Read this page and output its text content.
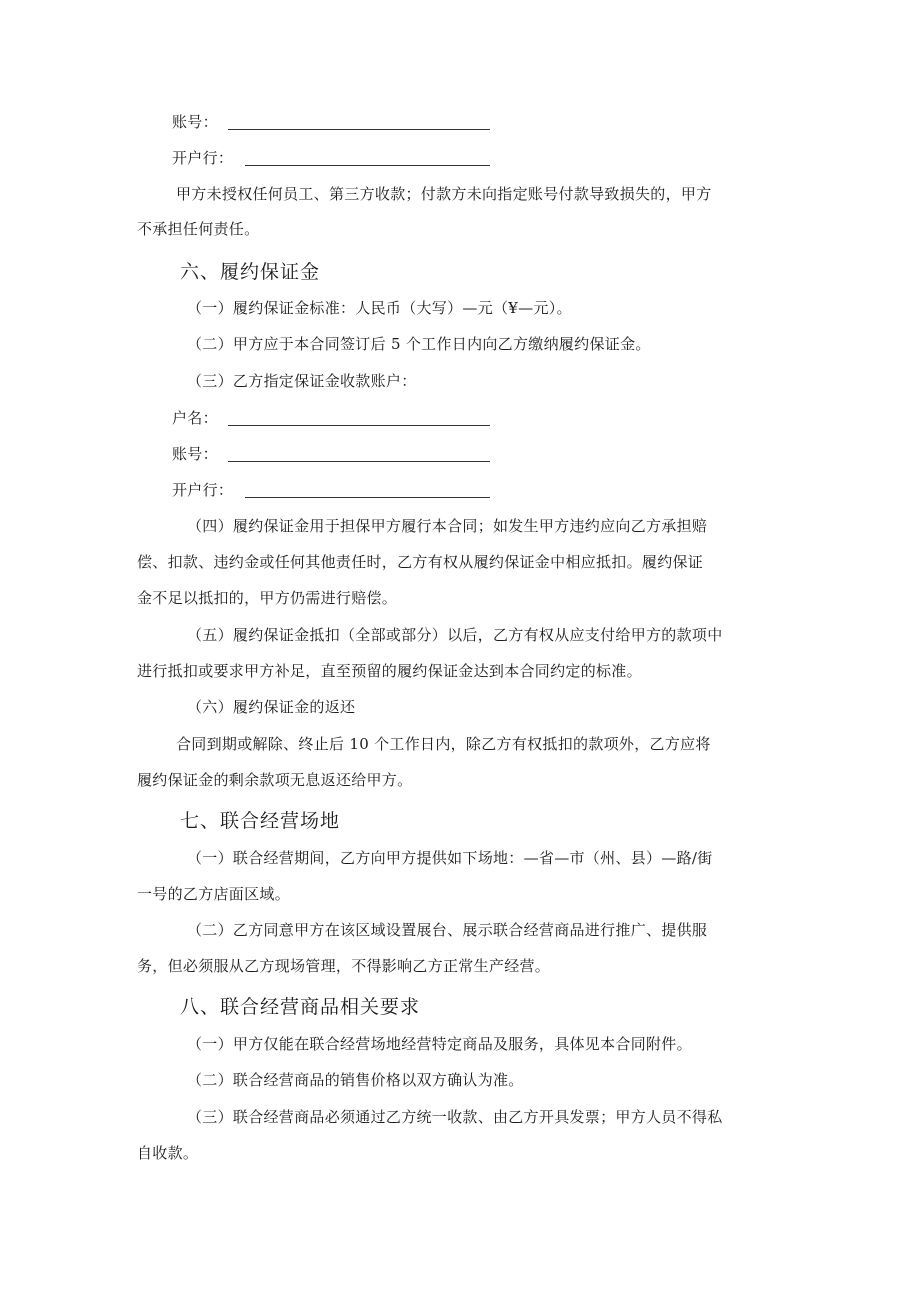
账号：
开户行：
甲方未授权任何员工、第三方收款；付款方未向指定账号付款导致损失的，甲方
不承担任何责任。
六、履约保证金
（一）履约保证金标准：人民币（大写）—元（¥—元）。
（二）甲方应于本合同签订后 5 个工作日内向乙方缴纳履约保证金。
（三）乙方指定保证金收款账户：
户名：
账号：
开户行：
（四）履约保证金用于担保甲方履行本合同；如发生甲方违约应向乙方承担赔
偿、扣款、违约金或任何其他责任时，乙方有权从履约保证金中相应抵扣。履约保证
金不足以抵扣的，甲方仍需进行赔偿。
（五）履约保证金抵扣（全部或部分）以后，乙方有权从应支付给甲方的款项中
进行抵扣或要求甲方补足，直至预留的履约保证金达到本合同约定的标准。
（六）履约保证金的返还
合同到期或解除、终止后 10 个工作日内，除乙方有权抵扣的款项外，乙方应将
履约保证金的剩余款项无息返还给甲方。
七、联合经营场地
（一）联合经营期间，乙方向甲方提供如下场地：—省—市（州、县）—路/街
一号的乙方店面区域。
（二）乙方同意甲方在该区域设置展台、展示联合经营商品进行推广、提供服
务，但必须服从乙方现场管理，不得影响乙方正常生产经营。
八、联合经营商品相关要求
（一）甲方仅能在联合经营场地经营特定商品及服务，具体见本合同附件。
（二）联合经营商品的销售价格以双方确认为准。
（三）联合经营商品必须通过乙方统一收款、由乙方开具发票；甲方人员不得私
自收款。
